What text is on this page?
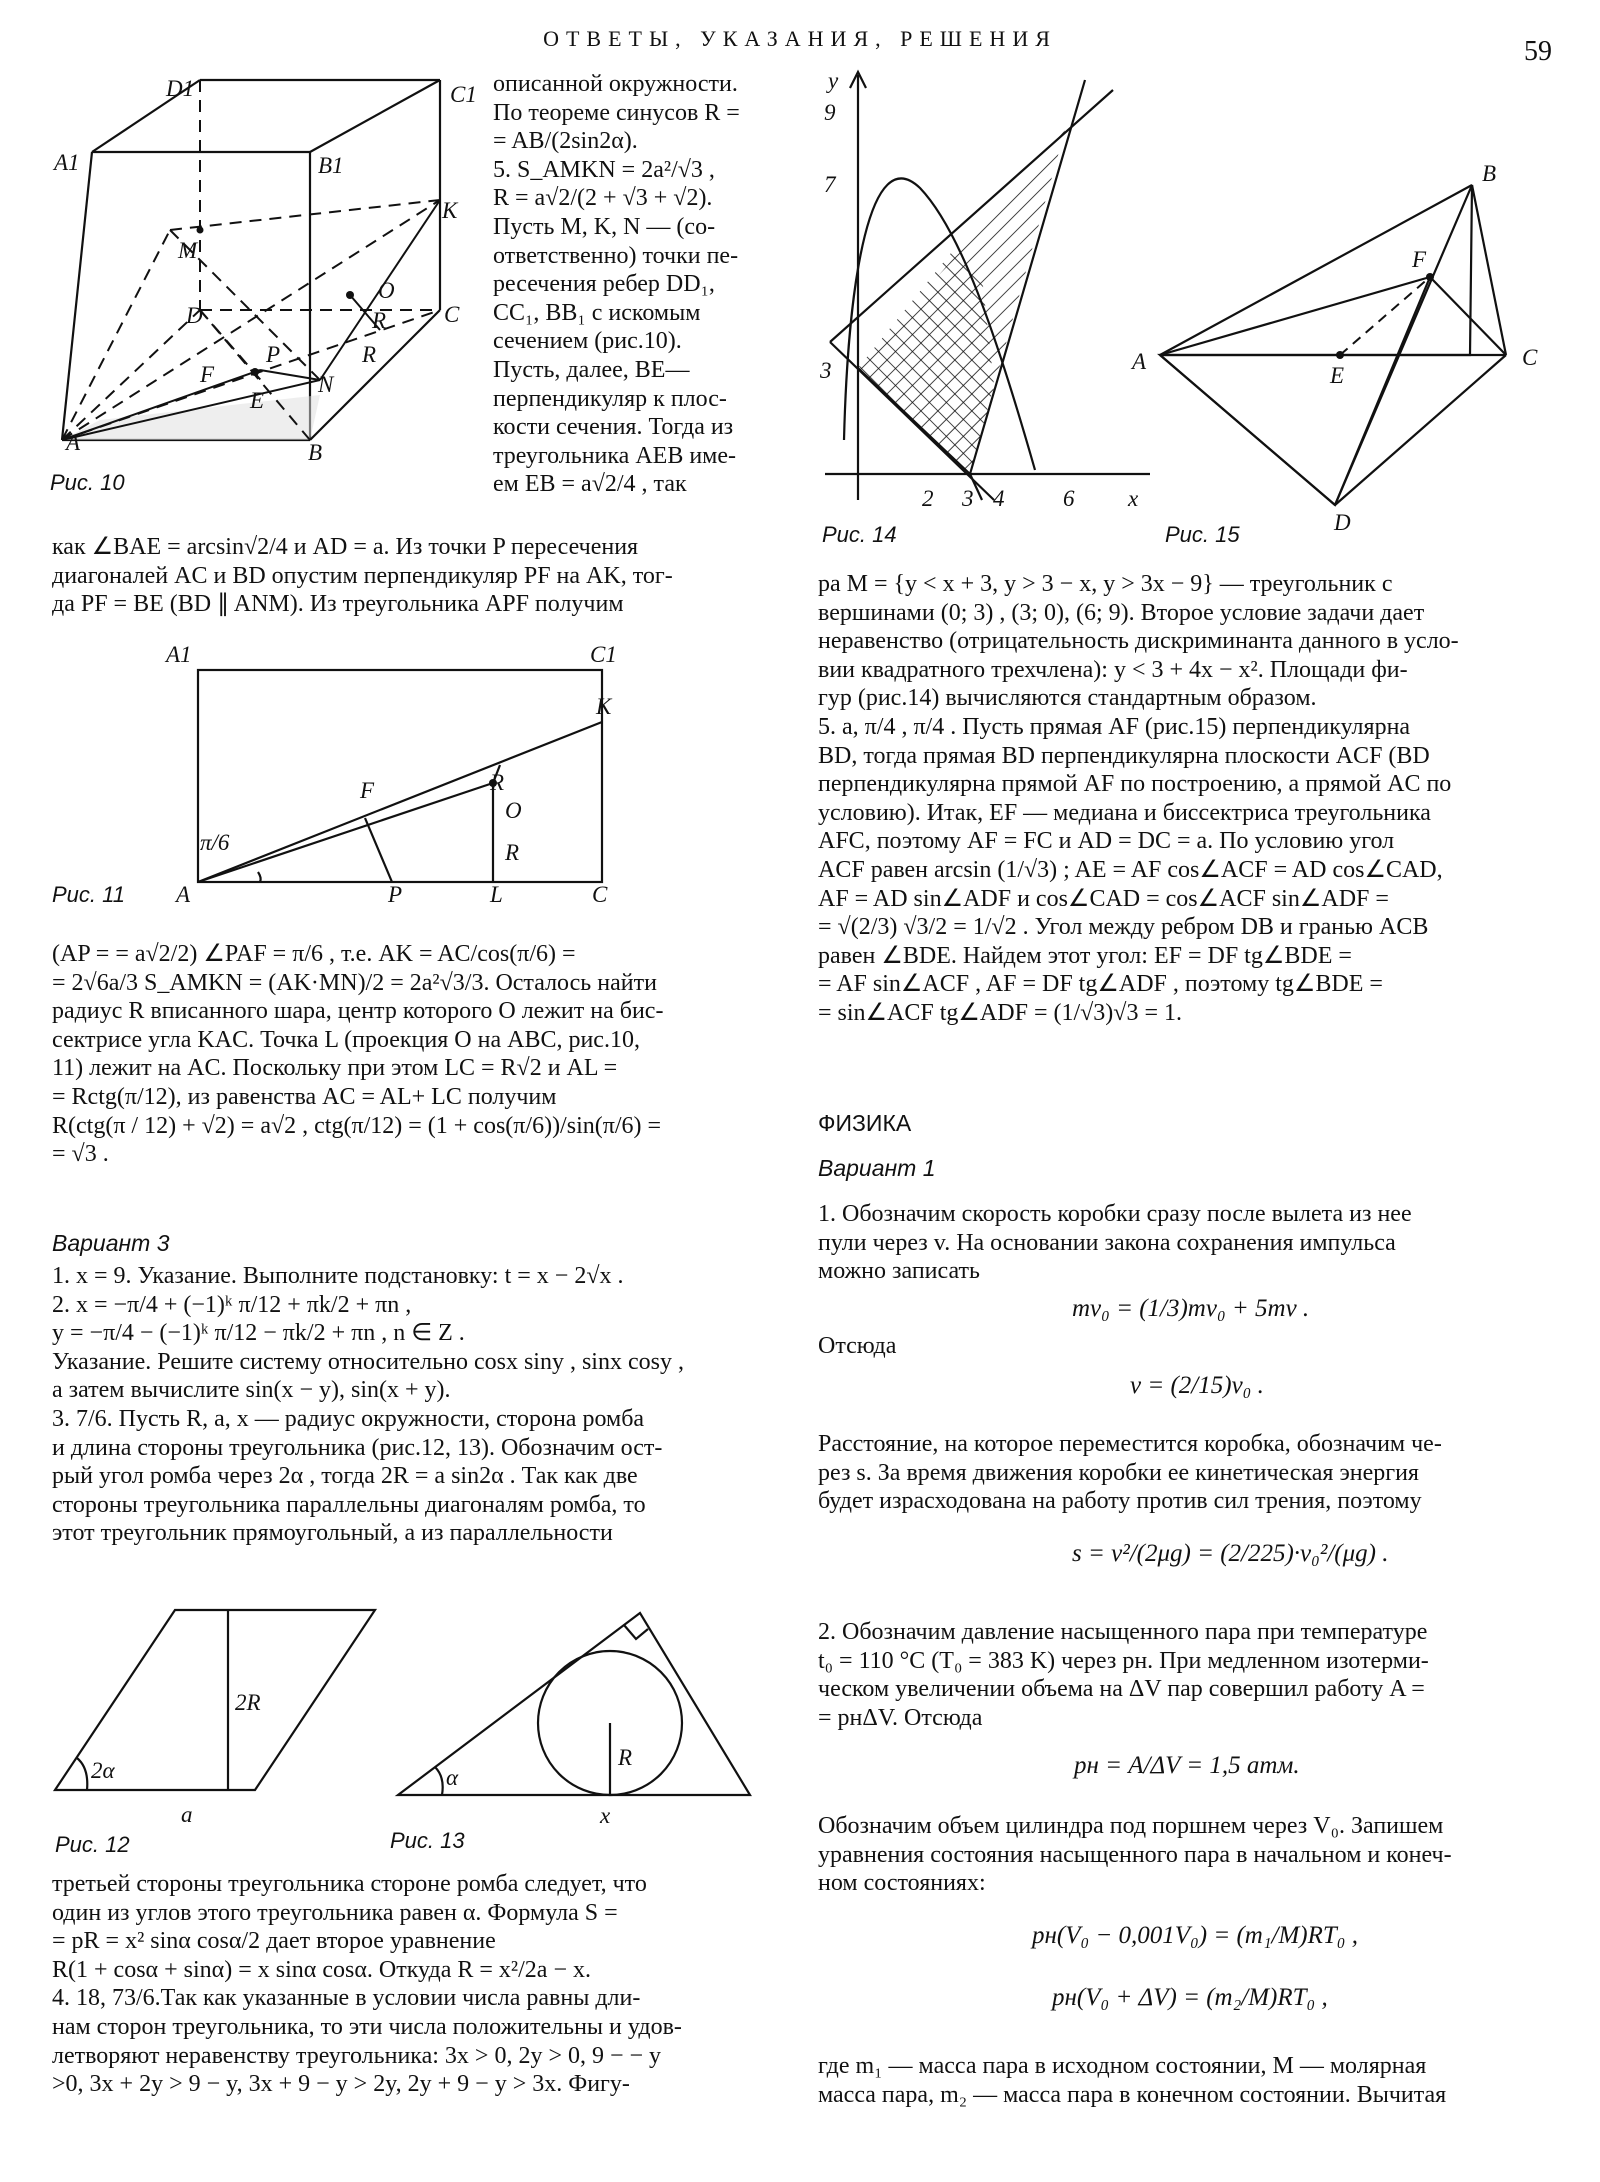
ОТВЕТЫ, УКАЗАНИЯ, РЕШЕНИЯ	59
D1	C1
A1	B1
K
M
O
D	C
R
P
F	N
E
A	B
R
Рис. 10
описанной окружности.
По теореме синусов R =
= AB/(2sin2α).
5. S_AMKN = 2a²/√3 ,
R = a√2/(2 + √3 + √2).
Пусть M, K, N — (со-
ответственно) точки пе-
ресечения ребер DD₁,
CC₁, BB₁ с искомым
сечением (рис.10).
Пусть, далее, BE—
перпендикуляр к плос-
кости сечения. Тогда из
треугольника AEB име-
ем EB = a√2/4 , так
как ∠BAE = arcsin√2/4 и AD = a. Из точки P пересечения
диагоналей AC и BD опустим перпендикуляр PF на AK, тог-
да PF = BE (BD ∥ ANM). Из треугольника APF получим
A1	C1
K
F	R
O
R
π/6
A	P	L	C
Рис. 11
(AP = = a√2/2) ∠PAF = π/6 , т.е. AK = AC/cos(π/6) =
= 2√6a/3 S_AMKN = (AK·MN)/2 = 2a²√3/3. Осталось найти
радиус R вписанного шара, центр которого O лежит на бис-
сектрисе угла KAC. Точка L (проекция O на ABC, рис.10,
11) лежит на AC. Поскольку при этом LC = R√2 и AL =
= Rctg(π/12), из равенства AC = AL+ LC получим
R(ctg(π / 12) + √2) = a√2 , ctg(π/12) = (1 + cos(π/6))/sin(π/6) =
= √3 .
Вариант 3
1. x = 9. Указание. Выполните подстановку: t = x − 2√x .
2. x = −π/4 + (−1)ᵏ π/12 + πk/2 + πn ,
y = −π/4 − (−1)ᵏ π/12 − πk/2 + πn , n ∈ Z .
Указание. Решите систему относительно cosx siny , sinx cosy ,
а затем вычислите sin(x − y), sin(x + y).
3. 7/6. Пусть R, a, x — радиус окружности, сторона ромба
и длина стороны треугольника (рис.12, 13). Обозначим ост-
рый угол ромба через 2α , тогда 2R = a sin2α . Так как две
стороны треугольника параллельны диагоналям ромба, то
этот треугольник прямоугольный, а из параллельности
2R
2α
a
Рис. 12
R
α
x
Рис. 13
третьей стороны треугольника стороне ромба следует, что
один из углов этого треугольника равен α. Формула S =
= pR = x² sinα cosα/2 дает второе уравнение
R(1 + cosα + sinα) = x sinα cosα. Откуда R = x²/2a − x.
4. 18, 73/6.Так как указанные в условии числа равны дли-
нам сторон треугольника, то эти числа положительны и удов-
летворяют неравенству треугольника: 3x > 0, 2y > 0, 9 − − y
>0, 3x + 2y > 9 − y, 3x + 9 − y > 2y, 2y + 9 − y > 3x. Фигу-
y
9
7
3
2 3 4	6 x
Рис. 14
B
F
A
E
C
D
Рис. 15
ра M = {y < x + 3, y > 3 − x, y > 3x − 9} — треугольник с
вершинами (0; 3) , (3; 0), (6; 9). Второе условие задачи дает
неравенство (отрицательность дискриминанта данного в усло-
вии квадратного трехчлена): y < 3 + 4x − x². Площади фи-
гур (рис.14) вычисляются стандартным образом.
5. a, π/4 , π/4 . Пусть прямая AF (рис.15) перпендикулярна
BD, тогда прямая BD перпендикулярна плоскости ACF (BD
перпендикулярна прямой AF по построению, а прямой AC по
условию). Итак, EF — медиана и биссектриса треугольника
AFC, поэтому AF = FC и AD = DC = a. По условию угол
ACF равен arcsin (1/√3) ; AE = AF cos∠ACF = AD cos∠CAD,
AF = AD sin∠ADF и cos∠CAD = cos∠ACF sin∠ADF =
= √(2/3) √3/2 = 1/√2 . Угол между ребром DB и гранью ACB
равен ∠BDE. Найдем этот угол: EF = DF tg∠BDE =
= AF sin∠ACF , AF = DF tg∠ADF , поэтому tg∠BDE =
= sin∠ACF tg∠ADF = (1/√3)√3 = 1.
ФИЗИКА
Вариант 1
1. Обозначим скорость коробки сразу после вылета из нее
пули через v. На основании закона сохранения импульса
можно записать
mv₀ = (1/3)mv₀ + 5mv .
Отсюда
v = (2/15)v₀ .
Расстояние, на которое переместится коробка, обозначим че-
рез s. За время движения коробки ее кинетическая энергия
будет израсходована на работу против сил трения, поэтому
s = v²/(2μg) = (2/225)·v₀²/(μg) .
2. Обозначим давление насыщенного пара при температуре
t₀ = 110 °C (T₀ = 383 K) через pн. При медленном изотерми-
ческом увеличении объема на ΔV пар совершил работу A =
= pнΔV. Отсюда
pн = A/ΔV = 1,5 атм.
Обозначим объем цилиндра под поршнем через V₀. Запишем
уравнения состояния насыщенного пара в начальном и конеч-
ном состояниях:
pн(V₀ − 0,001V₀) = (m₁/M)RT₀ ,
pн(V₀ + ΔV) = (m₂/M)RT₀ ,
где m₁ — масса пара в исходном состоянии, M — молярная
масса пара, m₂ — масса пара в конечном состоянии. Вычитая
